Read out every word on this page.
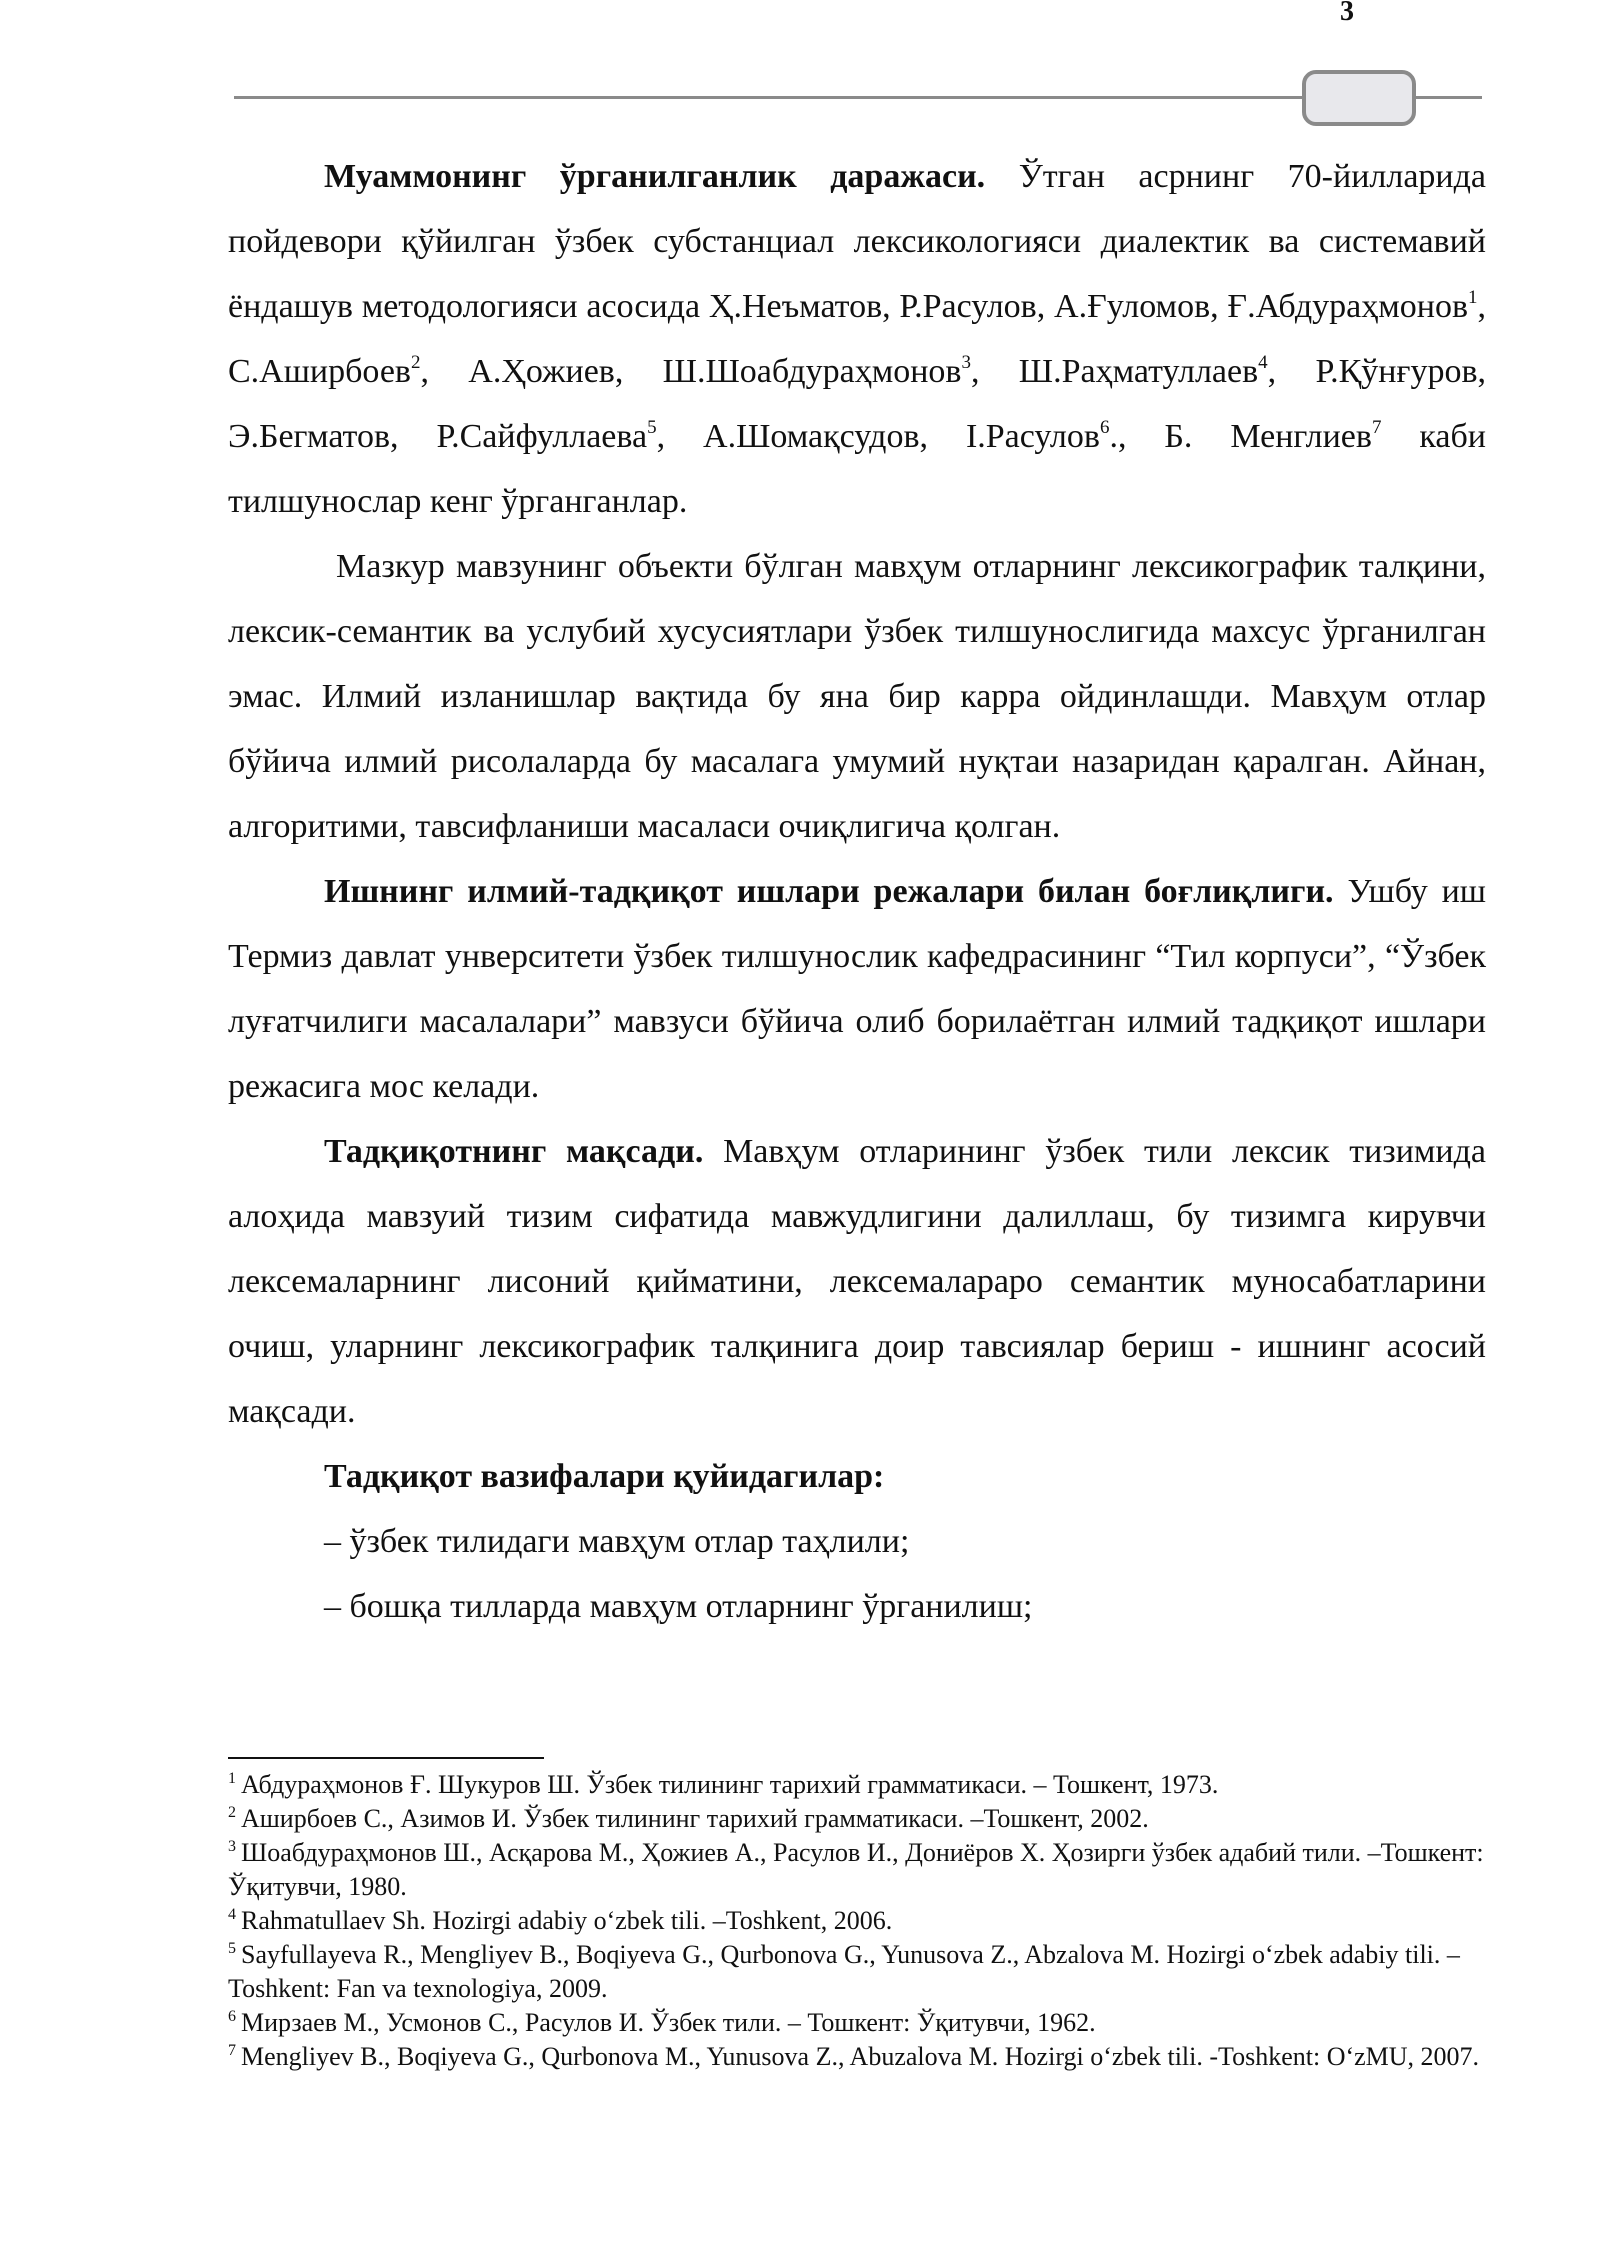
3

Муаммонинг ўрганилганлик даражаси. Ўтган асрнинг 70-йилларида пойдевори қўйилган ўзбек субстанциал лексикологияси диалектик ва системавий ёндашув методологияси асосида Ҳ.Неъматов, Р.Расулов, А.Ғуломов, Ғ.Абдураҳмонов$^1$, С.Аширбоев$^2$, А.Ҳожиев, Ш.Шоабдураҳмонов$^3$, Ш.Раҳматуллаев$^4$, Р.Қўнғуров, Э.Бегматов, Р.Сайфуллаева$^5$, А.Шомақсудов, I.Расулов$^6$., Б. Менглиев$^7$ каби тилшунослар кенг ўрганганлар.

Мазкур мавзунинг объекти бўлган мавҳум отларнинг лексикографик талқини, лексик-семантик ва услубий хусусиятлари ўзбек тилшунослигида махсус ўрганилган эмас. Илмий изланишлар вақтида бу яна бир карра ойдинлашди. Мавҳум отлар бўйича илмий рисолаларда бу масалага умумий нуқтаи назаридан қаралган. Айнан, алгоритими, тавсифланиши масаласи очиқлигича қолган.

Ишнинг илмий-тадқиқот ишлари режалари билан боғлиқлиги. Ушбу иш Термиз давлат унверситети ўзбек тилшунослик кафедрасининг “Тил корпуси”, “Ўзбек луғатчилиги масалалари” мавзуси бўйича олиб борилаётган илмий тадқиқот ишлари режасига мос келади.

Тадқиқотнинг мақсади. Мавҳум отларининг ўзбек тили лексик тизимида алоҳида мавзуий тизим сифатида мавжудлигини далиллаш, бу тизимга кирувчи лексемаларнинг лисоний қийматини, лексемалараро семантик муносабатларини очиш, уларнинг лексикографик талқинига доир тавсиялар бериш - ишнинг асосий мақсади.

Тадқиқот вазифалари қуйидагилар:

– ўзбек тилидаги мавҳум отлар таҳлили;

– бошқа тилларда мавҳум отларнинг ўрганилиш;

$^1$ Абдураҳмонов Ғ. Шукуров Ш. Ўзбек тилининг тарихий грамматикаси. – Тошкент, 1973.

$^2$ Аширбоев С., Азимов И. Ўзбек тилининг тарихий грамматикаси. –Тошкент, 2002.

$^3$ Шоабдураҳмонов Ш., Асқарова М., Ҳожиев А., Расулов И., Дониёров Х. Ҳозирги ўзбек адабий тили. –Тошкент: Ўқитувчи, 1980.

$^4$ Rahmatullaev Sh. Hozirgi adabiy oʻzbek tili. –Toshkent, 2006.

$^5$ Sayfullayeva R., Mengliyev B., Boqiyeva G., Qurbonova G., Yunusova Z., Abzalova M. Hozirgi oʻzbek adabiy tili. –Toshkent: Fan va texnologiya, 2009.

$^6$ Мирзаев М., Усмонов С., Расулов И. Ўзбек тили. – Тошкент: Ўқитувчи, 1962.

$^7$ Mengliyev B., Boqiyeva G., Qurbonova M., Yunusova Z., Abuzalova M. Hozirgi oʻzbek tili. -Toshkent: OʻzMU, 2007.
